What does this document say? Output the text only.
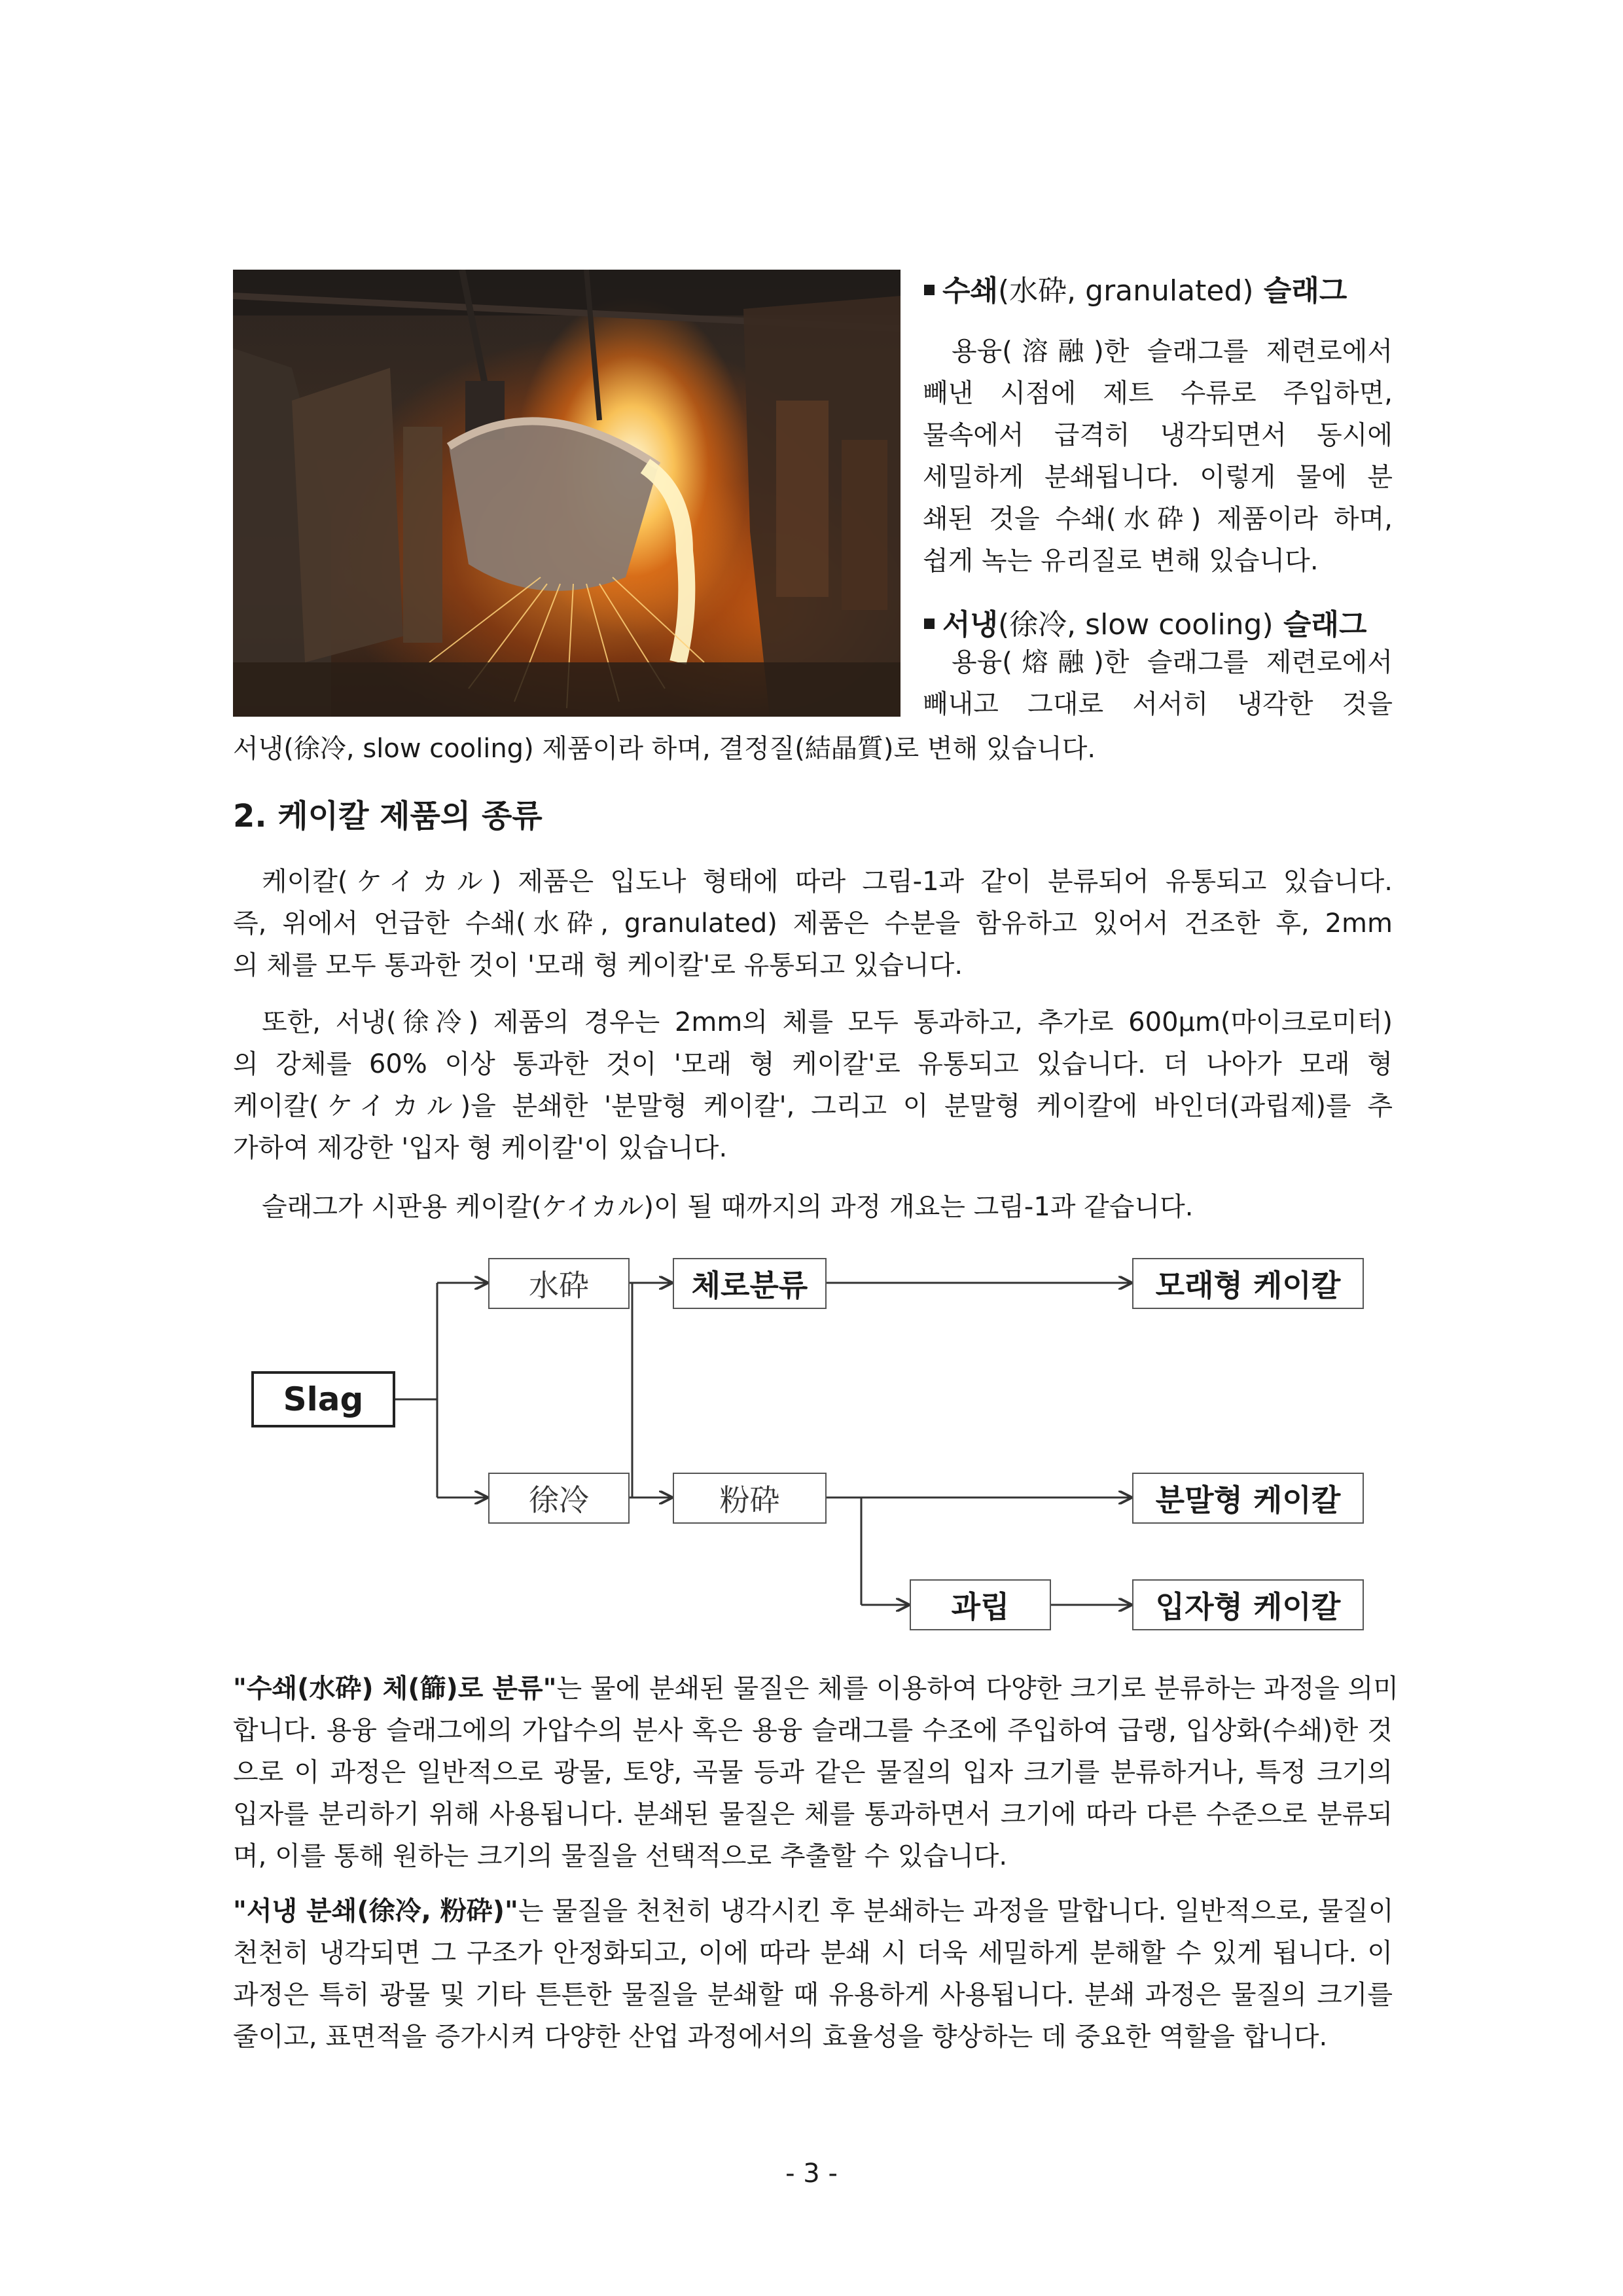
수쇄(水砕, granulated) 슬래그
용융(溶融)한 슬래그를 제련로에서
빼낸 시점에 제트 수류로 주입하면,
물속에서 급격히 냉각되면서 동시에
세밀하게 분쇄됩니다. 이렇게 물에 분
쇄된 것을 수쇄(水砕) 제품이라 하며,
쉽게 녹는 유리질로 변해 있습니다.
서냉(徐冷, slow cooling) 슬래그
용융(熔融)한 슬래그를 제련로에서
빼내고 그대로 서서히 냉각한 것을
서냉(徐冷, slow cooling) 제품이라 하며, 결정질(結晶質)로 변해 있습니다.
2. 케이칼 제품의 종류
케이칼(ケイカル) 제품은 입도나 형태에 따라 그림-1과 같이 분류되어 유통되고 있습니다.
즉, 위에서 언급한 수쇄(水砕, granulated) 제품은 수분을 함유하고 있어서 건조한 후, 2mm
의 체를 모두 통과한 것이 '모래 형 케이칼'로 유통되고 있습니다.
또한, 서냉(徐冷) 제품의 경우는 2mm의 체를 모두 통과하고, 추가로 600µm(마이크로미터)
의 강체를 60% 이상 통과한 것이 '모래 형 케이칼'로 유통되고 있습니다. 더 나아가 모래 형
케이칼(ケイカル)을 분쇄한 '분말형 케이칼', 그리고 이 분말형 케이칼에 바인더(과립제)를 추
가하여 제강한 '입자 형 케이칼'이 있습니다.
슬래그가 시판용 케이칼(ケイカル)이 될 때까지의 과정 개요는 그림-1과 같습니다.
Slag
水砕
徐冷
체로분류
粉砕
과립
모래형 케이칼
분말형 케이칼
입자형 케이칼
"수쇄(水砕) 체(篩)로 분류"는 물에 분쇄된 물질은 체를 이용하여 다양한 크기로 분류하는 과정을 의미
합니다. 용융 슬래그에의 가압수의 분사 혹은 용융 슬래그를 수조에 주입하여 급랭, 입상화(수쇄)한 것
으로 이 과정은 일반적으로 광물, 토양, 곡물 등과 같은 물질의 입자 크기를 분류하거나, 특정 크기의
입자를 분리하기 위해 사용됩니다. 분쇄된 물질은 체를 통과하면서 크기에 따라 다른 수준으로 분류되
며, 이를 통해 원하는 크기의 물질을 선택적으로 추출할 수 있습니다.
"서냉 분쇄(徐冷, 粉砕)"는 물질을 천천히 냉각시킨 후 분쇄하는 과정을 말합니다. 일반적으로, 물질이
천천히 냉각되면 그 구조가 안정화되고, 이에 따라 분쇄 시 더욱 세밀하게 분해할 수 있게 됩니다. 이
과정은 특히 광물 및 기타 튼튼한 물질을 분쇄할 때 유용하게 사용됩니다. 분쇄 과정은 물질의 크기를
줄이고, 표면적을 증가시켜 다양한 산업 과정에서의 효율성을 향상하는 데 중요한 역할을 합니다.
- 3 -
